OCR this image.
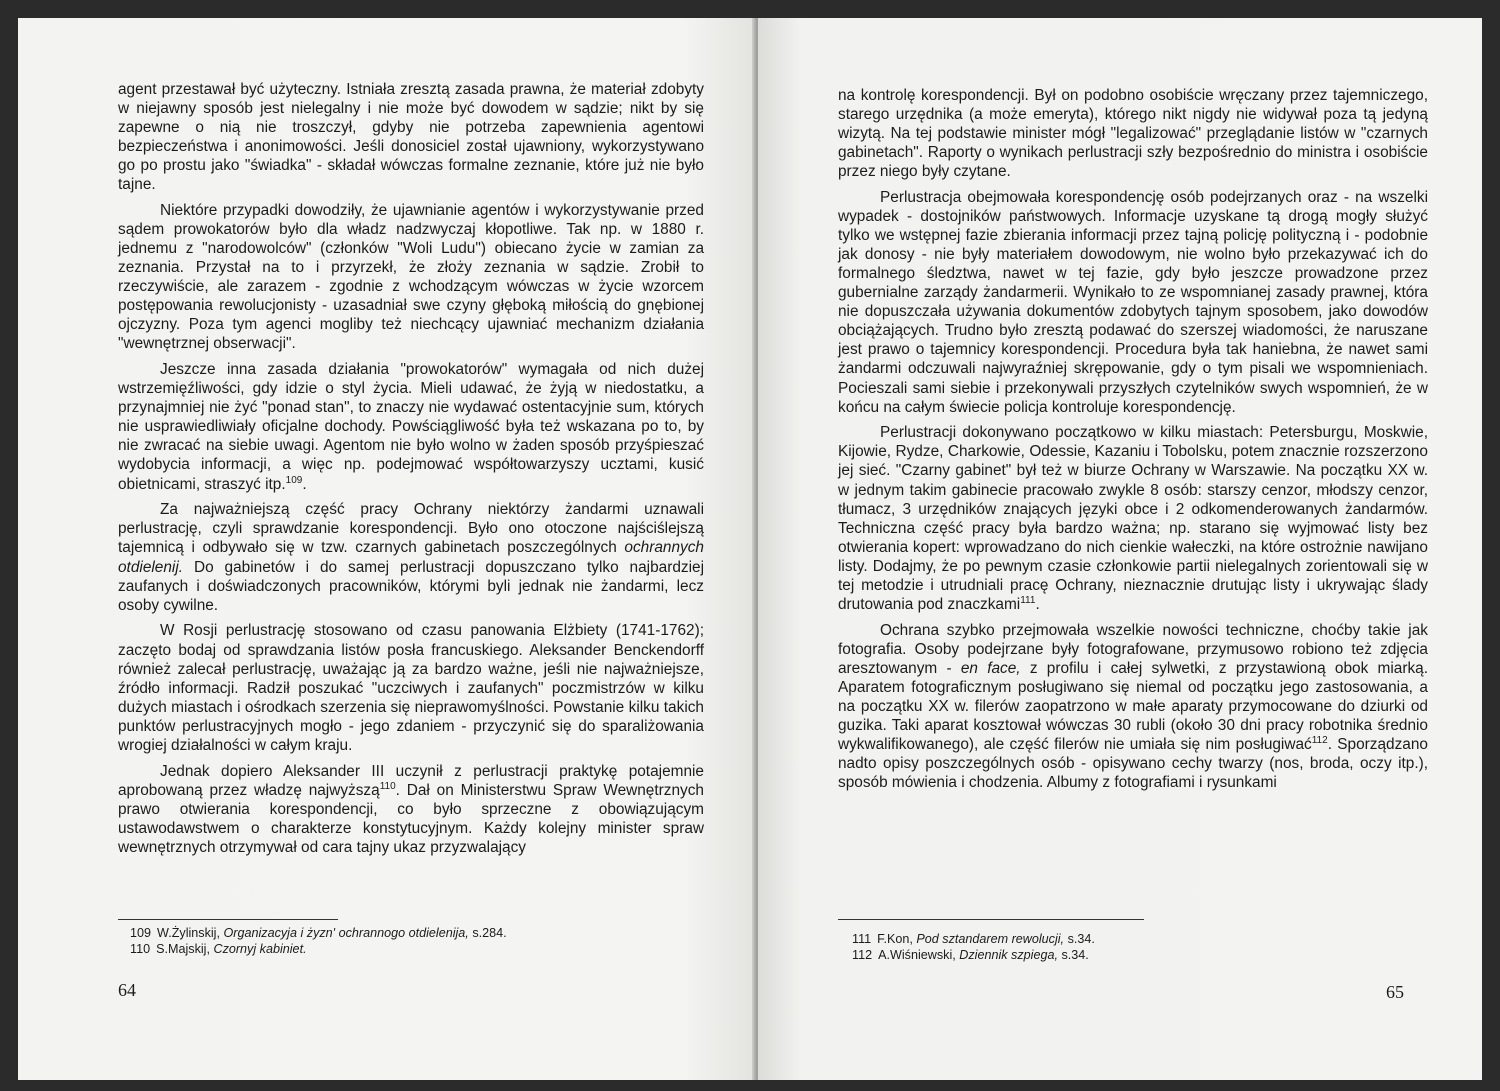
agent przestawał być użyteczny. Istniała zresztą zasada prawna, że materiał zdobyty w niejawny sposób jest nielegalny i nie może być dowodem w sądzie; nikt by się zapewne o nią nie troszczył, gdyby nie potrzeba zapewnienia agentowi bezpieczeństwa i anonimowości. Jeśli donosiciel został ujawniony, wykorzystywano go po prostu jako "świadka" - składał wówczas formalne zeznanie, które już nie było tajne.

Niektóre przypadki dowodziły, że ujawnianie agentów i wykorzystywanie przed sądem prowokatorów było dla władz nadzwyczaj kłopotliwe. Tak np. w 1880 r. jednemu z "narodowolców" (członków "Woli Ludu") obiecano życie w zamian za zeznania. Przystał na to i przyrzekł, że złoży zeznania w sądzie. Zrobił to rzeczywiście, ale zarazem - zgodnie z wchodzącym wówczas w życie wzorcem postępowania rewolucjonisty - uzasadniał swe czyny głęboką miłością do gnębionej ojczyzny. Poza tym agenci mogliby też niechcący ujawniać mechanizm działania "wewnętrznej obserwacji".

Jeszcze inna zasada działania "prowokatorów" wymagała od nich dużej wstrzemięźliwości, gdy idzie o styl życia. Mieli udawać, że żyją w niedostatku, a przynajmniej nie żyć "ponad stan", to znaczy nie wydawać ostentacyjnie sum, których nie usprawiedliwiały oficjalne dochody. Powściągliwość była też wskazana po to, by nie zwracać na siebie uwagi. Agentom nie było wolno w żaden sposób przyśpieszać wydobycia informacji, a więc np. podejmować współtowarzyszy ucztami, kusić obietnicami, straszyć itp.$^{109}$.

Za najważniejszą część pracy Ochrany niektórzy żandarmi uznawali perlustrację, czyli sprawdzanie korespondencji. Było ono otoczone najściślejszą tajemnicą i odbywało się w tzw. czarnych gabinetach poszczególnych ochrannych otdielenij. Do gabinetów i do samej perlustracji dopuszczano tylko najbardziej zaufanych i doświadczonych pracowników, którymi byli jednak nie żandarmi, lecz osoby cywilne.

W Rosji perlustrację stosowano od czasu panowania Elżbiety (1741-1762); zaczęto bodaj od sprawdzania listów posła francuskiego. Aleksander Benckendorff również zalecał perlustrację, uważając ją za bardzo ważne, jeśli nie najważniejsze, źródło informacji. Radził poszukać "uczciwych i zaufanych" poczmistrzów w kilku dużych miastach i ośrodkach szerzenia się nieprawomyślności. Powstanie kilku takich punktów perlustracyjnych mogło - jego zdaniem - przyczynić się do sparaliżowania wrogiej działalności w całym kraju.

Jednak dopiero Aleksander III uczynił z perlustracji praktykę potajemnie aprobowaną przez władzę najwyższą$^{110}$. Dał on Ministerstwu Spraw Wewnętrznych prawo otwierania korespondencji, co było sprzeczne z obowiązującym ustawodawstwem o charakterze konstytucyjnym. Każdy kolejny minister spraw wewnętrznych otrzymywał od cara tajny ukaz przyzwalający

109 W.Żylinskij, Organizacyja i żyzn' ochrannogo otdielenija, s.284.
110 S.Majskij, Czornyj kabiniet.
64

na kontrolę korespondencji. Był on podobno osobiście wręczany przez tajemniczego, starego urzędnika (a może emeryta), którego nikt nigdy nie widywał poza tą jedyną wizytą. Na tej podstawie minister mógł "legalizować" przeglądanie listów w "czarnych gabinetach". Raporty o wynikach perlustracji szły bezpośrednio do ministra i osobiście przez niego były czytane.

Perlustracja obejmowała korespondencję osób podejrzanych oraz - na wszelki wypadek - dostojników państwowych. Informacje uzyskane tą drogą mogły służyć tylko we wstępnej fazie zbierania informacji przez tajną policję polityczną i - podobnie jak donosy - nie były materiałem dowodowym, nie wolno było przekazywać ich do formalnego śledztwa, nawet w tej fazie, gdy było jeszcze prowadzone przez gubernialne zarządy żandarmerii. Wynikało to ze wspomnianej zasady prawnej, która nie dopuszczała używania dokumentów zdobytych tajnym sposobem, jako dowodów obciążających. Trudno było zresztą podawać do szerszej wiadomości, że naruszane jest prawo o tajemnicy korespondencji. Procedura była tak haniebna, że nawet sami żandarmi odczuwali najwyraźniej skrępowanie, gdy o tym pisali we wspomnieniach. Pocieszali sami siebie i przekonywali przyszłych czytelników swych wspomnień, że w końcu na całym świecie policja kontroluje korespondencję.

Perlustracji dokonywano początkowo w kilku miastach: Petersburgu, Moskwie, Kijowie, Rydze, Charkowie, Odessie, Kazaniu i Tobolsku, potem znacznie rozszerzono jej sieć. "Czarny gabinet" był też w biurze Ochrany w Warszawie. Na początku XX w. w jednym takim gabinecie pracowało zwykle 8 osób: starszy cenzor, młodszy cenzor, tłumacz, 3 urzędników znających języki obce i 2 odkomenderowanych żandarmów. Techniczna część pracy była bardzo ważna; np. starano się wyjmować listy bez otwierania kopert: wprowadzano do nich cienkie wałeczki, na które ostrożnie nawijano listy. Dodajmy, że po pewnym czasie członkowie partii nielegalnych zorientowali się w tej metodzie i utrudniali pracę Ochrany, nieznacznie drutując listy i ukrywając ślady drutowania pod znaczkami$^{111}$.

Ochrana szybko przejmowała wszelkie nowości techniczne, choćby takie jak fotografia. Osoby podejrzane były fotografowane, przymusowo robiono też zdjęcia aresztowanym - en face, z profilu i całej sylwetki, z przystawioną obok miarką. Aparatem fotograficznym posługiwano się niemal od początku jego zastosowania, a na początku XX w. filerów zaopatrzono w małe aparaty przymocowane do dziurki od guzika. Taki aparat kosztował wówczas 30 rubli (około 30 dni pracy robotnika średnio wykwalifikowanego), ale część filerów nie umiała się nim posługiwać$^{112}$. Sporządzano nadto opisy poszczególnych osób - opisywano cechy twarzy (nos, broda, oczy itp.), sposób mówienia i chodzenia. Albumy z fotografiami i rysunkami

111 F.Kon, Pod sztandarem rewolucji, s.34.
112 A.Wiśniewski, Dziennik szpiega, s.34.
65
